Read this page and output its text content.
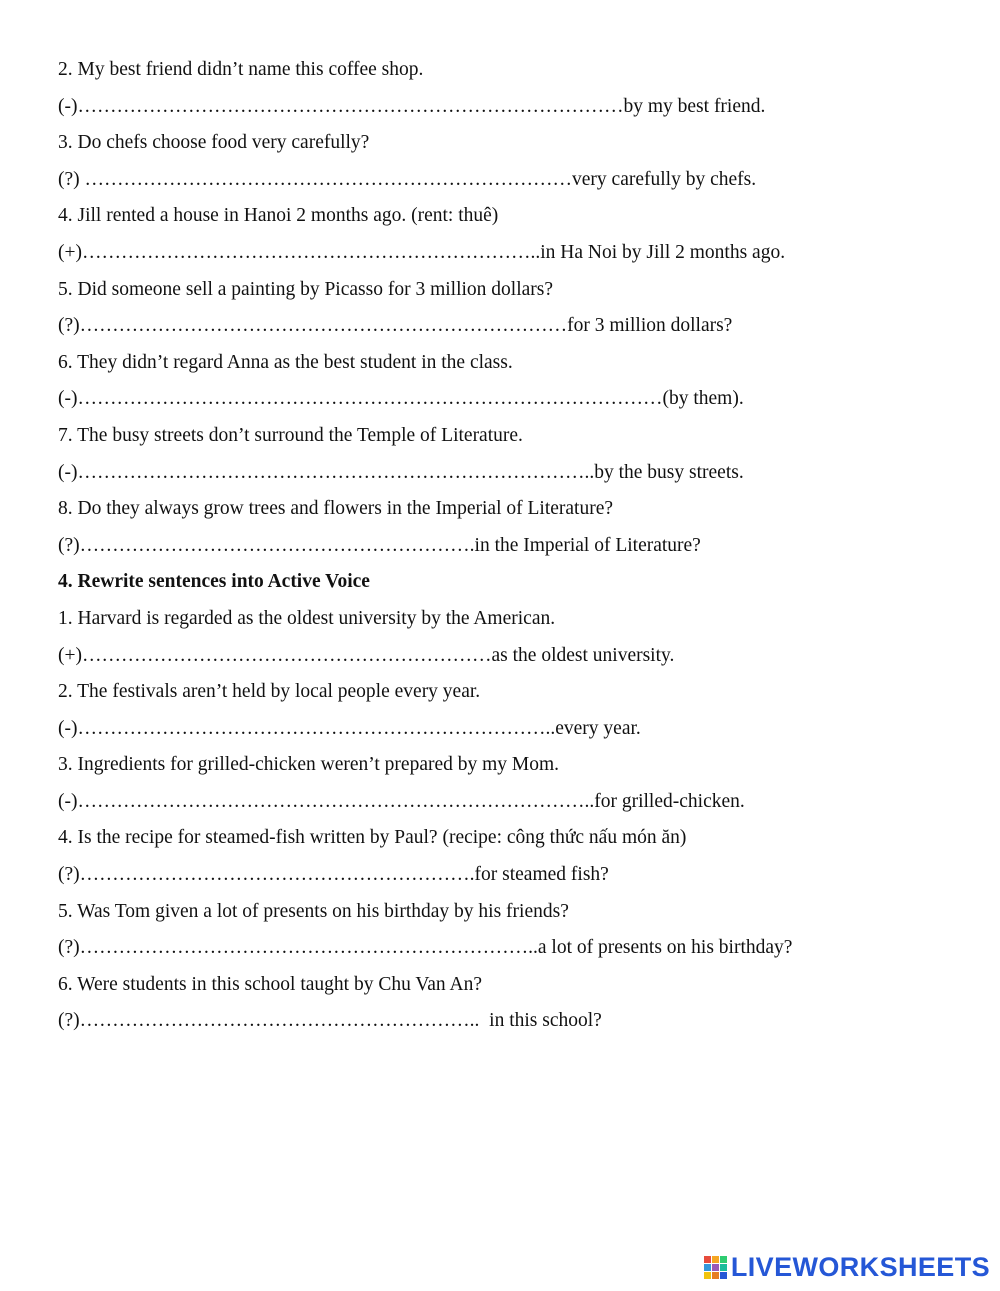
2. My best friend didn’t name this coffee shop.
(-) ………………………………………………………………………… by my best friend.
3. Do chefs choose food very carefully?
(?) ………………………………………………………………… very carefully by chefs.
4. Jill rented a house in Hanoi 2 months ago. (rent: thuê)
(+) …………………………………………………………….. in Ha Noi by Jill 2 months ago.
5. Did someone sell a painting by Picasso for 3 million dollars?
(?) ………………………………………………………………… for 3 million dollars?
6. They didn’t regard Anna as the best student in the class.
(-) ……………………………………………………………………………… (by them).
7. The busy streets don’t surround the Temple of Literature.
(-) …………………………………………………………………….. by the busy streets.
8. Do they always grow trees and flowers in the Imperial of Literature?
(?) ……………………………………………………. in the Imperial of Literature?
4. Rewrite sentences into Active Voice
1. Harvard is regarded as the oldest university by the American.
(+) ……………………………………………………… as the oldest university.
2. The festivals aren’t held by local people every year.
(-) ……………………………………………………………….. every year.
3. Ingredients for grilled-chicken weren’t prepared by my Mom.
(-) …………………………………………………………………….. for grilled-chicken.
4. Is the recipe for steamed-fish written by Paul? (recipe: công thức nấu món ăn)
(?) ……………………………………………………. for steamed fish?
5. Was Tom given a lot of presents on his birthday by his friends?
(?) …………………………………………………………….. a lot of presents on his birthday?
6. Were students in this school taught by Chu Van An?
(?) …………………………………………………….. in this school?
LIVEWORKSHEETS
